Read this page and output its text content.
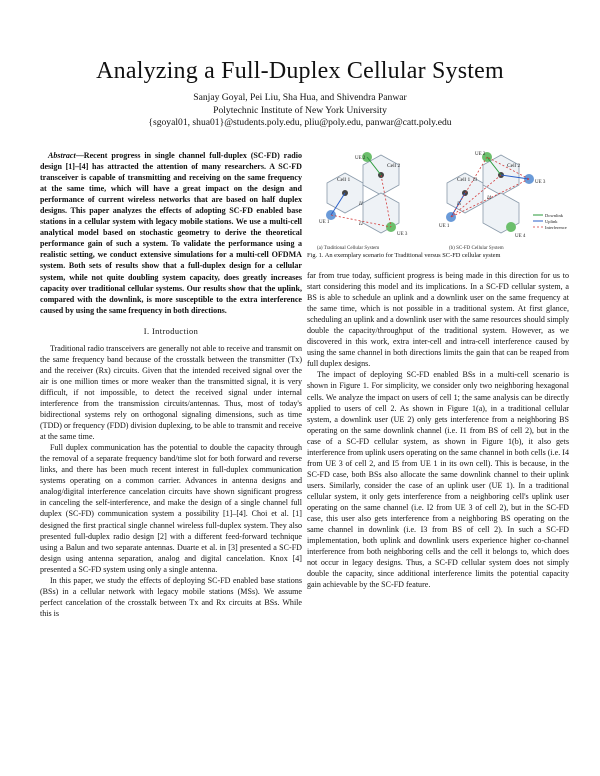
Analyzing a Full-Duplex Cellular System
Sanjay Goyal, Pei Liu, Sha Hua, and Shivendra Panwar
Polytechnic Institute of New York University
{sgoyal01, shua01}@students.poly.edu, pliu@poly.edu, panwar@catt.poly.edu

Abstract—Recent progress in single channel full-duplex (SC-FD) radio design [1]–[4] has attracted the attention of many researchers. A SC-FD transceiver is capable of transmitting and receiving on the same frequency at the same time, which will have a great impact on the design and performance of current wireless networks that are based on half duplex designs. This paper analyzes the effects of adopting SC-FD enabled base stations in a cellular system with legacy mobile stations. We use a multi-cell analytical model based on stochastic geometry to derive the theoretical performance gain of such a system. To validate the performance using a realistic setting, we conduct extensive simulations for a multi-cell OFDMA system. Both sets of results show that a full-duplex design for a cellular system, while not quite doubling system capacity, does greatly increases capacity over traditional cellular systems. Our results show that the uplink, compared with the downlink, is more susceptible to the extra interference caused by using the same frequency in both directions.

I. Introduction

Traditional radio transceivers are generally not able to receive and transmit on the same frequency band because of the crosstalk between the transmitter (Tx) and the receiver (Rx) circuits. Given that the intended received signal over the air is one million times or more weaker than the transmitted signal, it is very difficult, if not impossible, to detect the received signal under internal interference from the transmission circuits/antennas. Thus, most of today's bidirectional systems rely on orthogonal signaling dimensions, such as time (TDD) or frequency (FDD) division duplexing, to be able to transmit and receive at the same time.

Full duplex communication has the potential to double the capacity through the removal of a separate frequency band/time slot for both forward and reverse links, and there has been much recent interest in full-duplex communication systems operating on a common carrier. Advances in antenna designs and analog/digital interference cancelation circuits have shown significant progress in canceling the self-interference, and make the design of a single channel full duplex (SC-FD) communication system a possibility [1]–[4]. Choi et al. [1] designed the first practical single channel wireless full-duplex system. They also presented full-duplex radio design [2] with a different feed-forward technique using a Balun and two separate antennas. Duarte et al. in [3] presented a SC-FD design using antenna separation, analog and digital cancelation. Knox [4] presented a SC-FD system using only a single antenna.

In this paper, we study the effects of deploying SC-FD enabled base stations (BSs) in a cellular network with legacy mobile stations (MSs). We assume perfect cancelation of the crosstalk between Tx and Rx circuits at BSs. While this is

Cell 1
Cell 2
UE 1
UE 3
UE 2
I1
I2
(a) Traditional Cellular System
Cell 1
Cell 2
UE 1
UE 2
UE 3
UE 4
I3
I4
I5
Downlink
Uplink
Interference
(b) SC-FD Cellular System
Fig. 1. An exemplary scenario for Traditional versus SC-FD cellular system

far from true today, sufficient progress is being made in this direction for us to start considering this model and its implications. In a SC-FD cellular system, a BS is able to schedule an uplink and a downlink user on the same frequency at the same time, which is not possible in a traditional system. At first glance, scheduling an uplink and a downlink user with the same resources should simply double the capacity/throughput of the traditional system. However, as we discovered in this work, extra inter-cell and intra-cell interference caused by using the same channel in both directions limits the gain that can be reaped from full duplex designs.

The impact of deploying SC-FD enabled BSs in a multi-cell scenario is shown in Figure 1. For simplicity, we consider only two neighboring hexagonal cells. We analyze the impact on users of cell 1; the same analysis can be directly applied to users of cell 2. As shown in Figure 1(a), in a traditional cellular system, a downlink user (UE 2) only gets interference from a neighboring BS operating on the same downlink channel (i.e. I1 from BS of cell 2), but in the case of a SC-FD cellular system, as shown in Figure 1(b), it also gets interference from uplink users operating on the same channel in both cells (i.e. I4 from UE 3 of cell 2, and I5 from UE 1 in its own cell). This is because, in the SC-FD case, both BSs also allocate the same downlink channel to their uplink users. Similarly, consider the case of an uplink user (UE 1). In a traditional cellular system, it only gets interference from a neighboring cell's uplink user operating on the same channel (i.e. I2 from UE 3 of cell 2), but in the SC-FD case, this user also gets interference from a neighboring BS operating on the same channel in downlink (i.e. I3 from BS of cell 2). In such a SC-FD implementation, both uplink and downlink users experience higher co-channel interference from both neighboring cells and the cell it belongs to, which does not occur in legacy designs. Thus, a SC-FD cellular system does not simply double the capacity, since additional interference limits the potential capacity gain achievable by the SC-FD feature.
